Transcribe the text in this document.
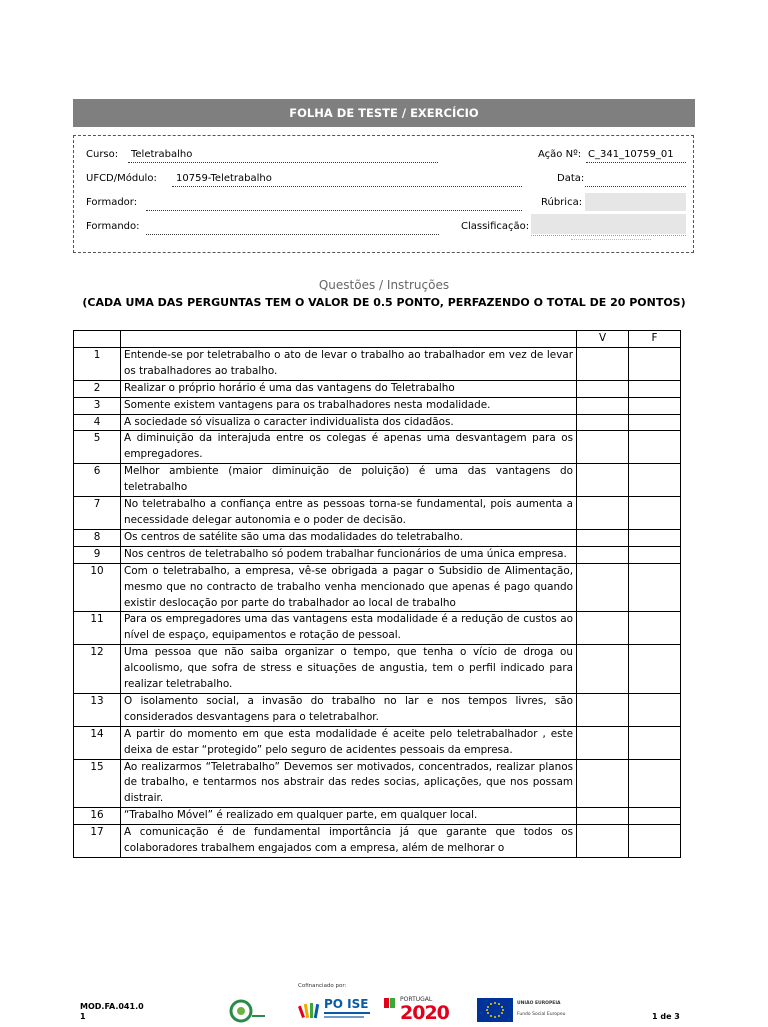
FOLHA DE TESTE / EXERCÍCIO
Curso: Teletrabalho	Ação Nº: C_341_10759_01
UFCD/Módulo: 10759-Teletrabalho	Data:
Formador:	Rúbrica:
Formando:	Classificação:
Questões / Instruções
(CADA UMA DAS PERGUNTAS TEM O VALOR DE 0.5 PONTO, PERFAZENDO O TOTAL DE 20 PONTOS)
		V	F
1	Entende-se por teletrabalho o ato de levar o trabalho ao trabalhador em vez de levar os trabalhadores ao trabalho.		
2	Realizar o próprio horário é uma das vantagens do Teletrabalho		
3	Somente existem vantagens para os trabalhadores nesta modalidade.		
4	A sociedade só visualiza o caracter individualista dos cidadãos.		
5	A diminuição da interajuda entre os colegas é apenas uma desvantagem para os empregadores.		
6	Melhor ambiente (maior diminuição de poluição) é uma das vantagens do teletrabalho		
7	No teletrabalho a confiança entre as pessoas torna-se fundamental, pois aumenta a necessidade delegar autonomia e o poder de decisão.		
8	Os centros de satélite são uma das modalidades do teletrabalho.		
9	Nos centros de teletrabalho só podem trabalhar funcionários de uma única empresa.		
10	Com o teletrabalho, a empresa, vê-se obrigada a pagar o Subsidio de Alimentação, mesmo que no contracto de trabalho venha mencionado que apenas é pago quando existir deslocação por parte do trabalhador ao local de trabalho		
11	Para os empregadores uma das vantagens esta modalidade é a redução de custos ao nível de espaço, equipamentos e rotação de pessoal.		
12	Uma pessoa que não saiba organizar o tempo, que tenha o vício de droga ou alcoolismo, que sofra de stress e situações de angustia, tem o perfil indicado para realizar teletrabalho.		
13	O isolamento social, a invasão do trabalho no lar e nos tempos livres, são considerados desvantagens para o teletrabalhor.		
14	A partir do momento em que esta modalidade é aceite pelo teletrabalhador , este deixa de estar “protegido” pelo seguro de acidentes pessoais da empresa.		
15	Ao realizarmos “Teletrabalho” Devemos ser motivados, concentrados, realizar planos de trabalho, e tentarmos nos abstrair das redes socias, aplicações, que nos possam distrair.		
16	“Trabalho Móvel” é realizado em qualquer parte, em qualquer local.		
17	A comunicação é de fundamental importância já que garante que todos os colaboradores trabalhem engajados com a empresa, além de melhorar o		
MOD.FA.041.0
1
Cofinanciado por:
PO ISE	PORTUGAL
2020	UNIÃO EUROPEIA
Fundo Social Europeu	1 de 3
